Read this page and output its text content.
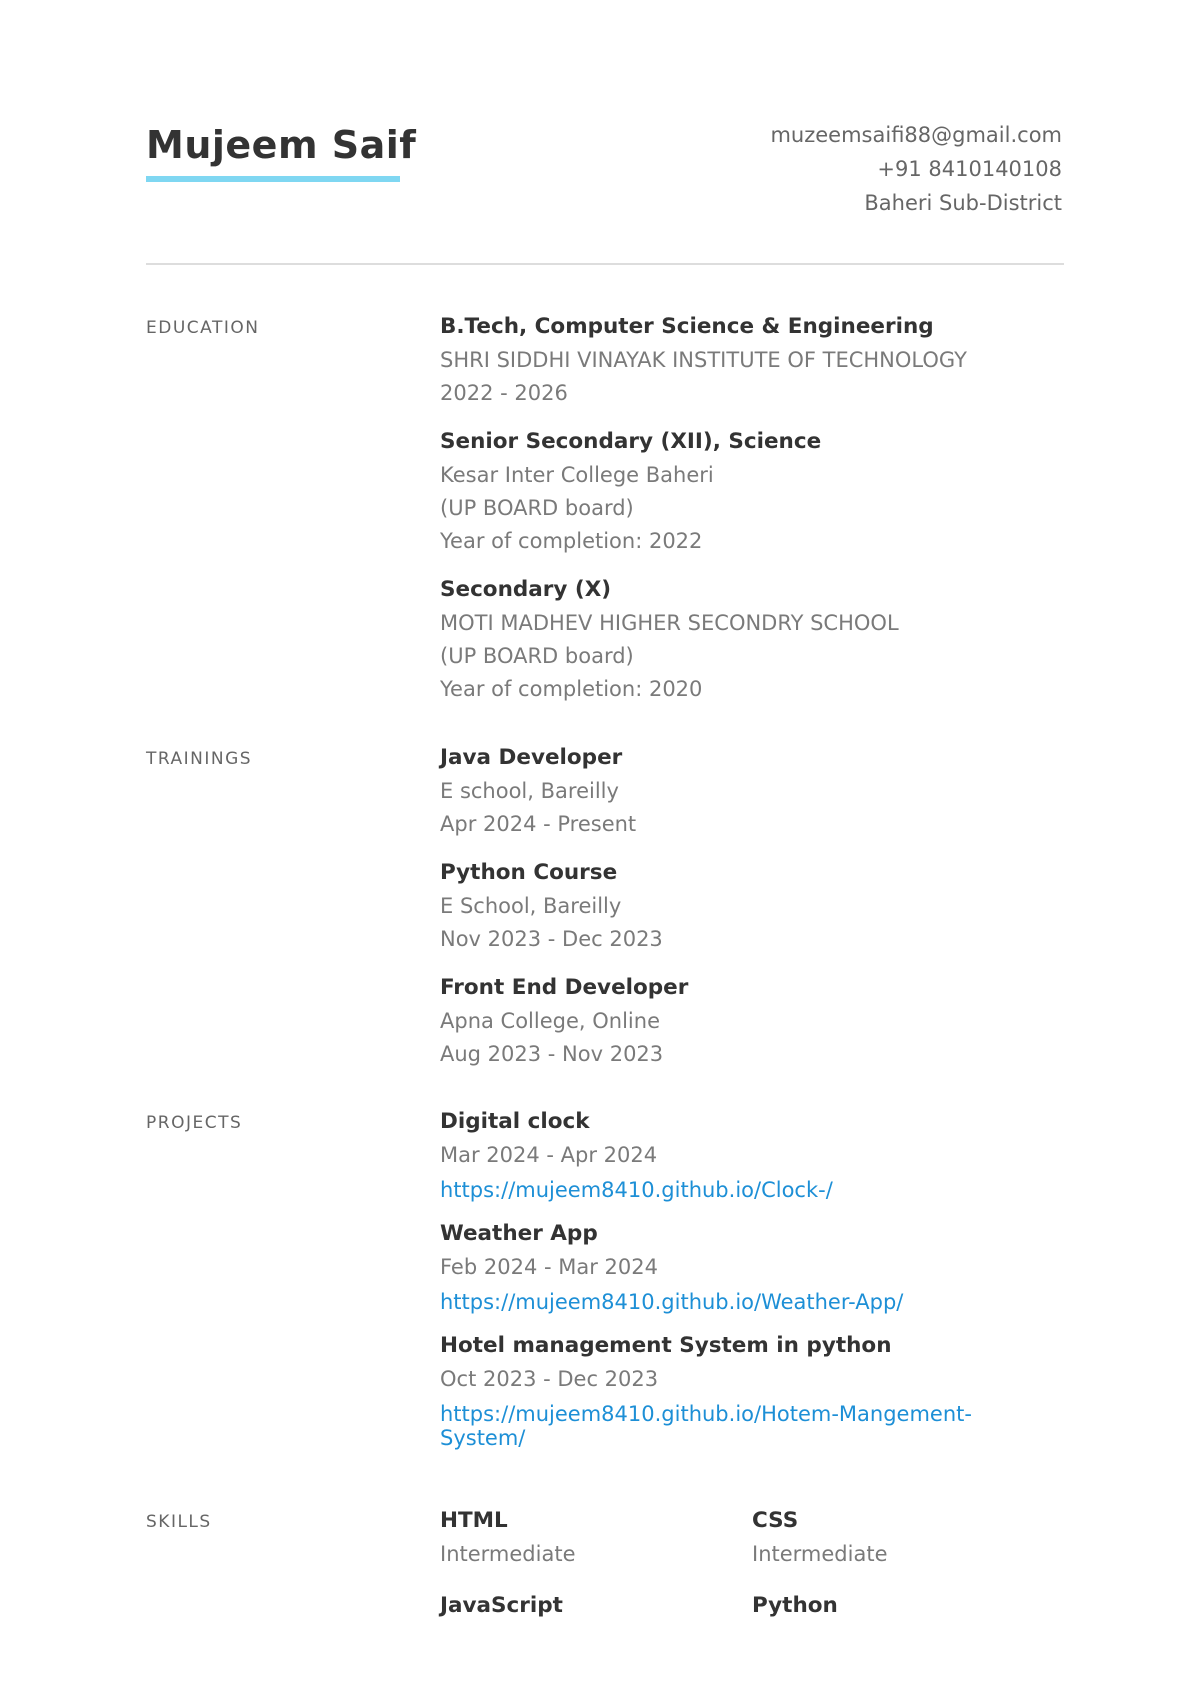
Mujeem Saif	muzeemsaifi88@gmail.com
+91 8410140108
Baheri Sub-District
EDUCATION	B.Tech, Computer Science & Engineering
SHRI SIDDHI VINAYAK INSTITUTE OF TECHNOLOGY
2022 - 2026
Senior Secondary (XII), Science
Kesar Inter College Baheri
(UP BOARD board)
Year of completion: 2022
Secondary (X)
MOTI MADHEV HIGHER SECONDRY SCHOOL
(UP BOARD board)
Year of completion: 2020
TRAININGS	Java Developer
E school, Bareilly
Apr 2024 - Present
Python Course
E School, Bareilly
Nov 2023 - Dec 2023
Front End Developer
Apna College, Online
Aug 2023 - Nov 2023
PROJECTS	Digital clock
Mar 2024 - Apr 2024
https://mujeem8410.github.io/Clock-/
Weather App
Feb 2024 - Mar 2024
https://mujeem8410.github.io/Weather-App/
Hotel management System in python
Oct 2023 - Dec 2023
https://mujeem8410.github.io/Hotem-Mangement-System/
SKILLS	HTML
Intermediate
CSS
Intermediate
JavaScript	Python
